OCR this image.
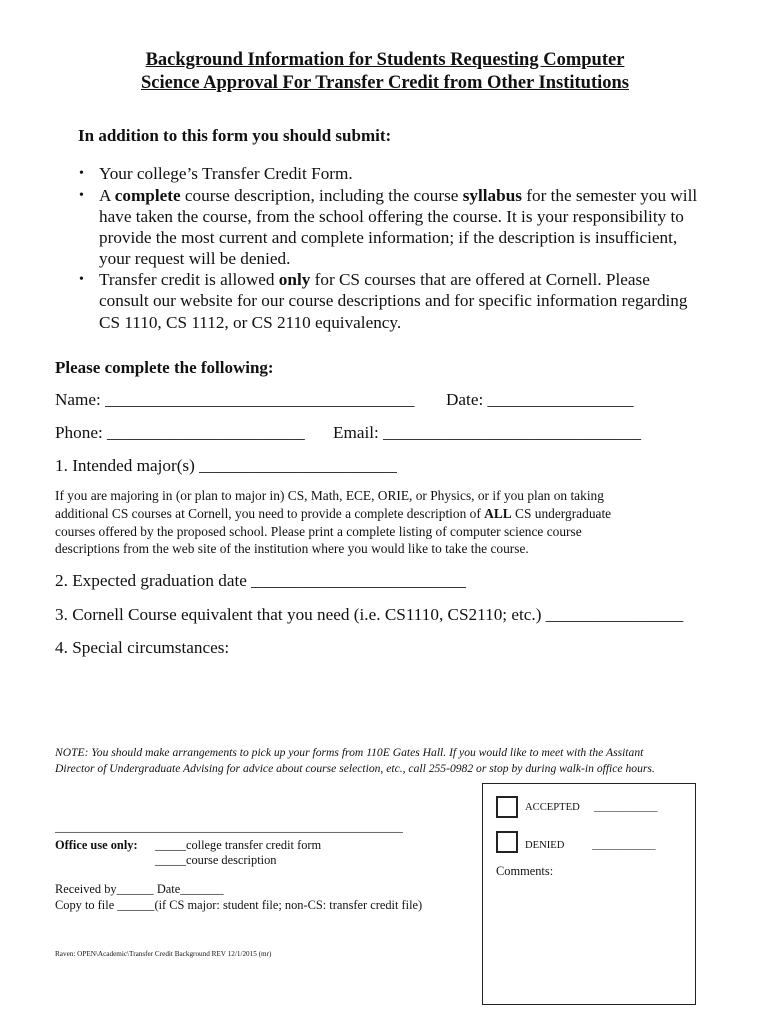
Background Information for Students Requesting Computer
Science Approval For Transfer Credit from Other Institutions
In addition to this form you should submit:
• Your college’s Transfer Credit Form.
• A complete course description, including the course syllabus for the semester you will
have taken the course, from the school offering the course. It is your responsibility to
provide the most current and complete information; if the description is insufficient,
your request will be denied.
• Transfer credit is allowed only for CS courses that are offered at Cornell. Please
consult our website for our course descriptions and for specific information regarding
CS 1110, CS 1112, or CS 2110 equivalency.
Please complete the following:
Name: ____________________________________ Date: _________________
Phone: _______________________ Email: ______________________________
1. Intended major(s) _______________________
If you are majoring in (or plan to major in) CS, Math, ECE, ORIE, or Physics, or if you plan on taking
additional CS courses at Cornell, you need to provide a complete description of ALL CS undergraduate
courses offered by the proposed school. Please print a complete listing of computer science course
descriptions from the web site of the institution where you would like to take the course.
2. Expected graduation date _________________________
3. Cornell Course equivalent that you need (i.e. CS1110, CS2110; etc.) ________________
4. Special circumstances:
NOTE: You should make arrangements to pick up your forms from 110E Gates Hall. If you would like to meet with the Assitant
Director of Undergraduate Advising for advice about course selection, etc., call 255-0982 or stop by during walk-in office hours.
__________________________________________________________
Office use only: _____college transfer credit form
_____course description
Received by______ Date_______
Copy to file ______(if CS major: student file; non-CS: transfer credit file)
Raven: OPEN\Academic\Transfer Credit Background REV 12/1/2015 (mr)
ACCEPTED ____________
DENIED	____________
Comments:
